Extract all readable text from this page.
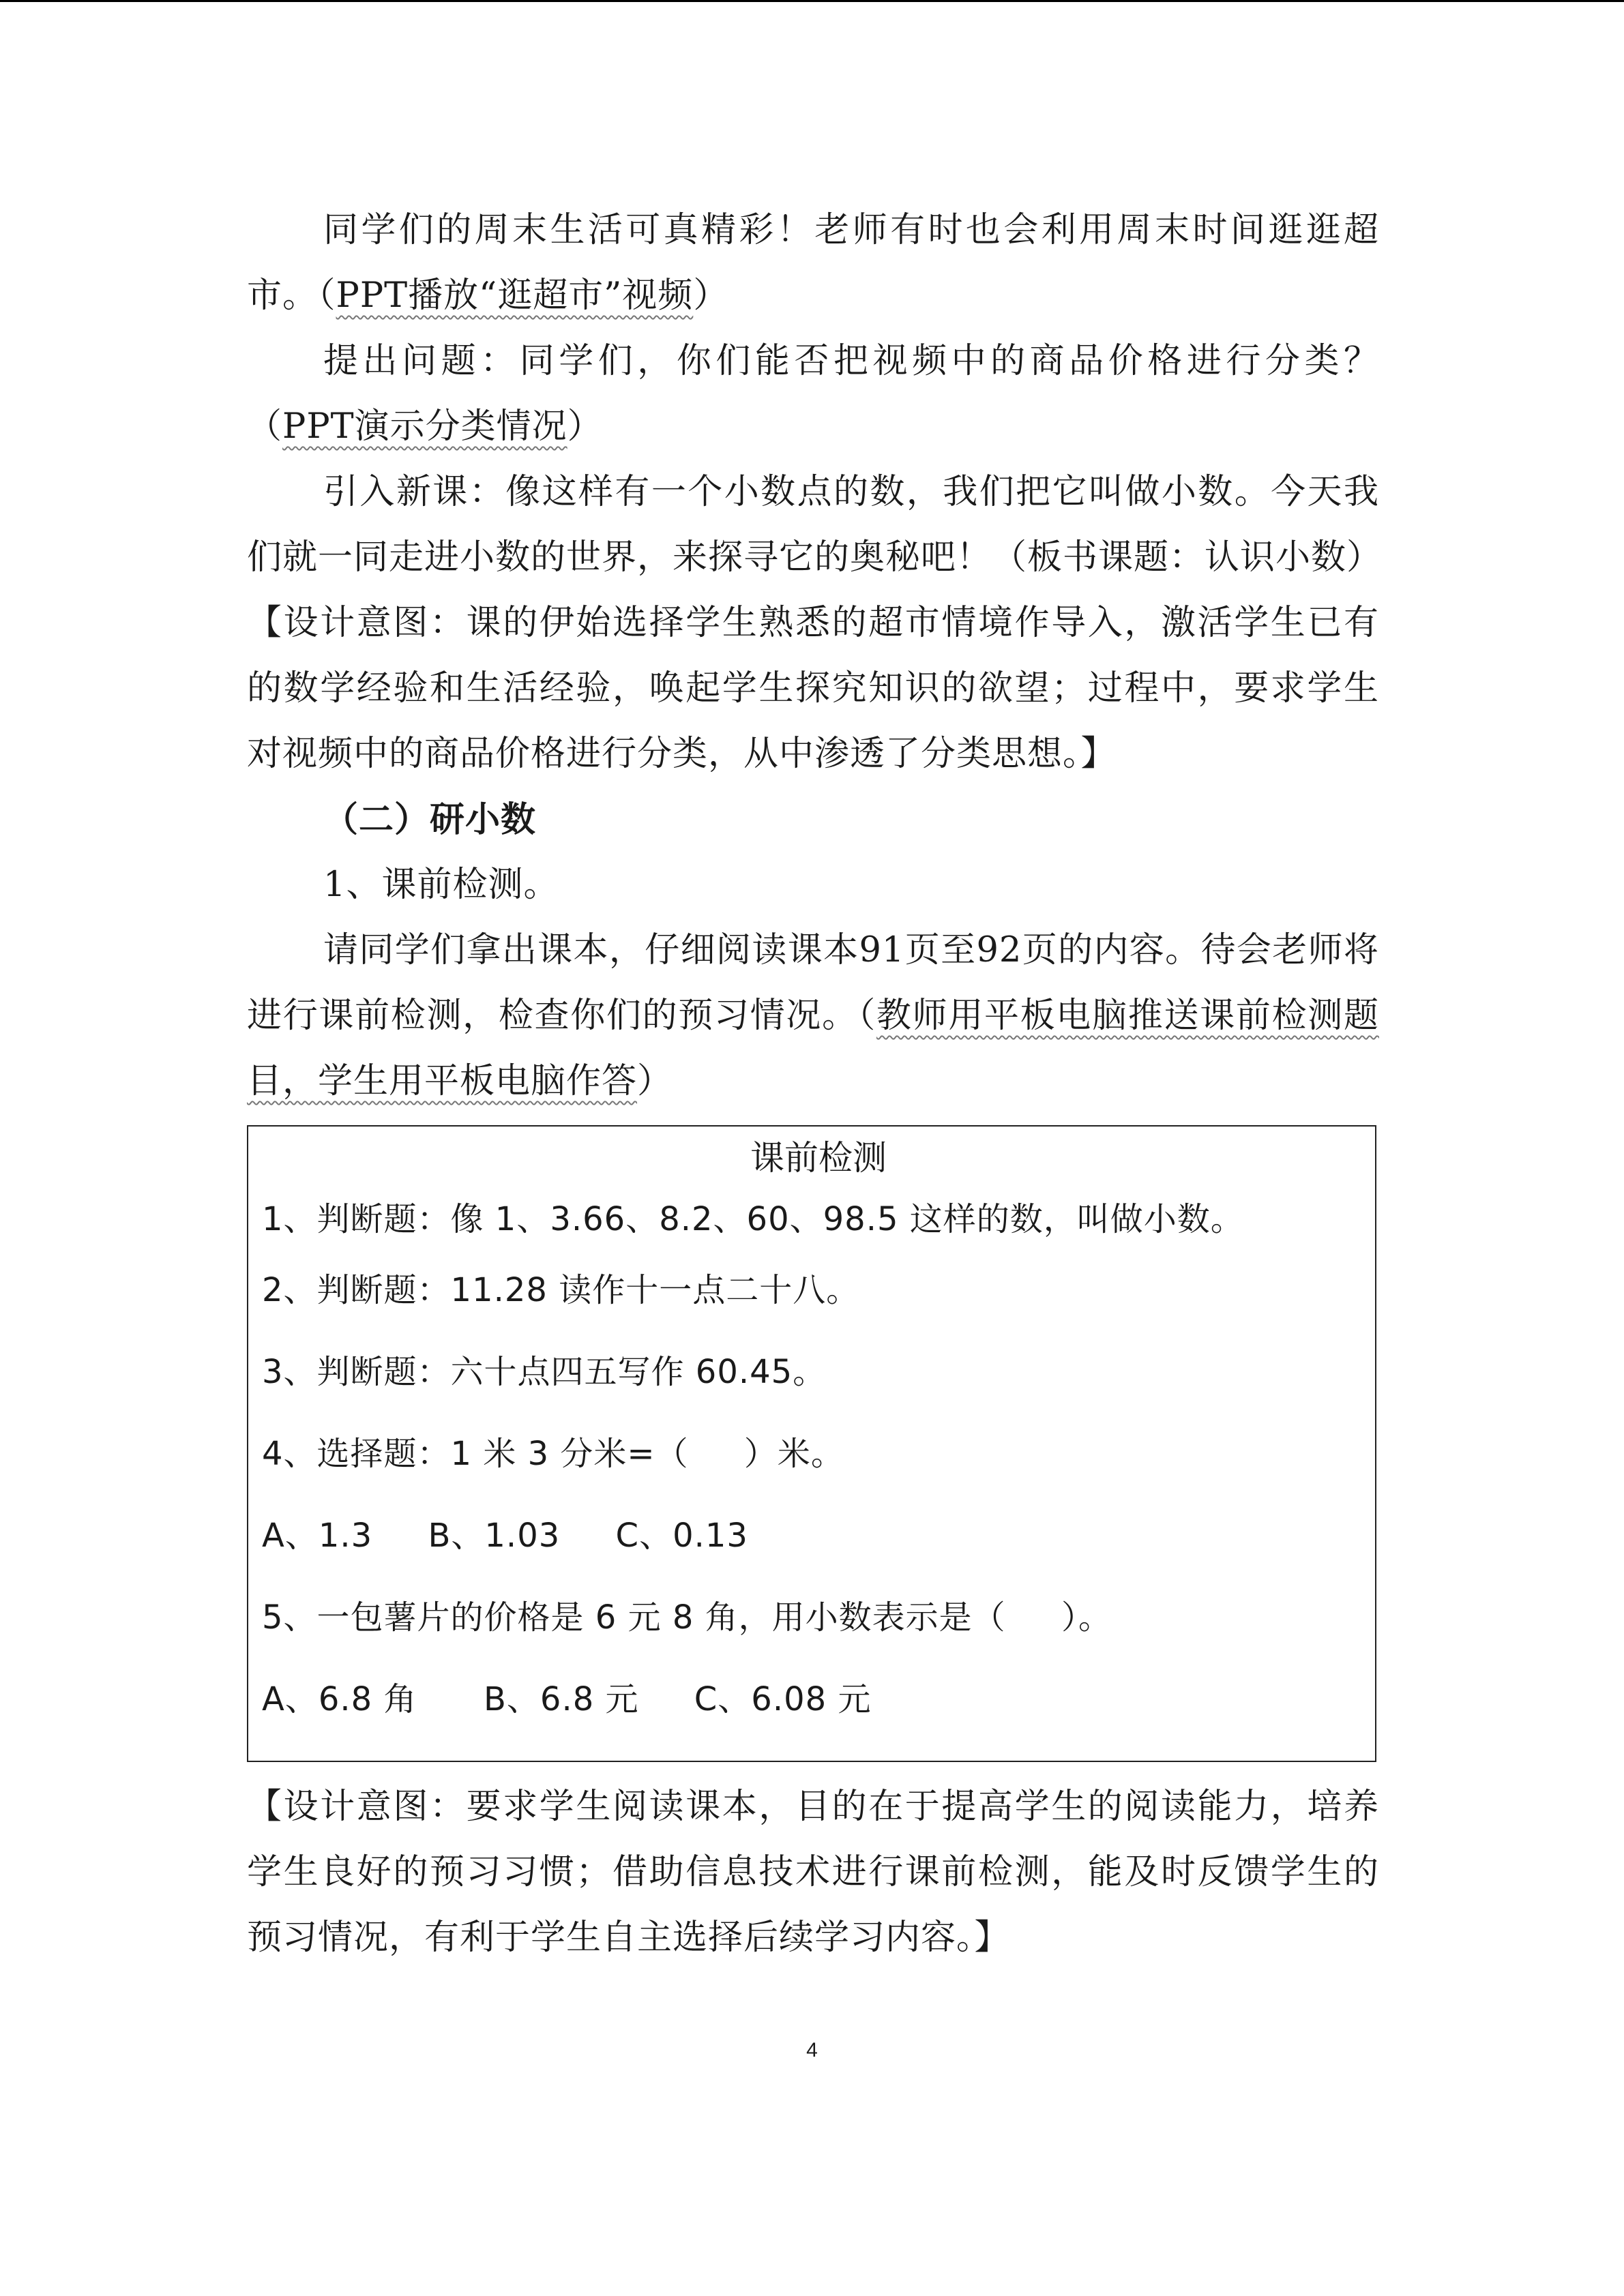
同学们的周末生活可真精彩！老师有时也会利用周末时间逛逛超市。（PPT播放“逛超市”视频）

提出问题：同学们，你们能否把视频中的商品价格进行分类？（PPT演示分类情况）

引入新课：像这样有一个小数点的数，我们把它叫做小数。今天我们就一同走进小数的世界，来探寻它的奥秘吧！（板书课题：认识小数）

【设计意图：课的伊始选择学生熟悉的超市情境作导入，激活学生已有的数学经验和生活经验，唤起学生探究知识的欲望；过程中，要求学生对视频中的商品价格进行分类，从中渗透了分类思想。】

（二）研小数

1、课前检测。

请同学们拿出课本，仔细阅读课本91页至92页的内容。待会老师将进行课前检测，检查你们的预习情况。（教师用平板电脑推送课前检测题目，学生用平板电脑作答）

课前检测

1、判断题：像 1、3.66、8.2、60、98.5 这样的数，叫做小数。

2、判断题：11.28 读作十一点二十八。

3、判断题：六十点四五写作 60.45。

4、选择题：1 米 3 分米=（     ）米。

A、1.3     B、1.03     C、0.13

5、一包薯片的价格是 6 元 8 角，用小数表示是（     ）。

A、6.8 角      B、6.8 元     C、6.08 元

【设计意图：要求学生阅读课本，目的在于提高学生的阅读能力，培养学生良好的预习习惯；借助信息技术进行课前检测，能及时反馈学生的预习情况，有利于学生自主选择后续学习内容。】

4
